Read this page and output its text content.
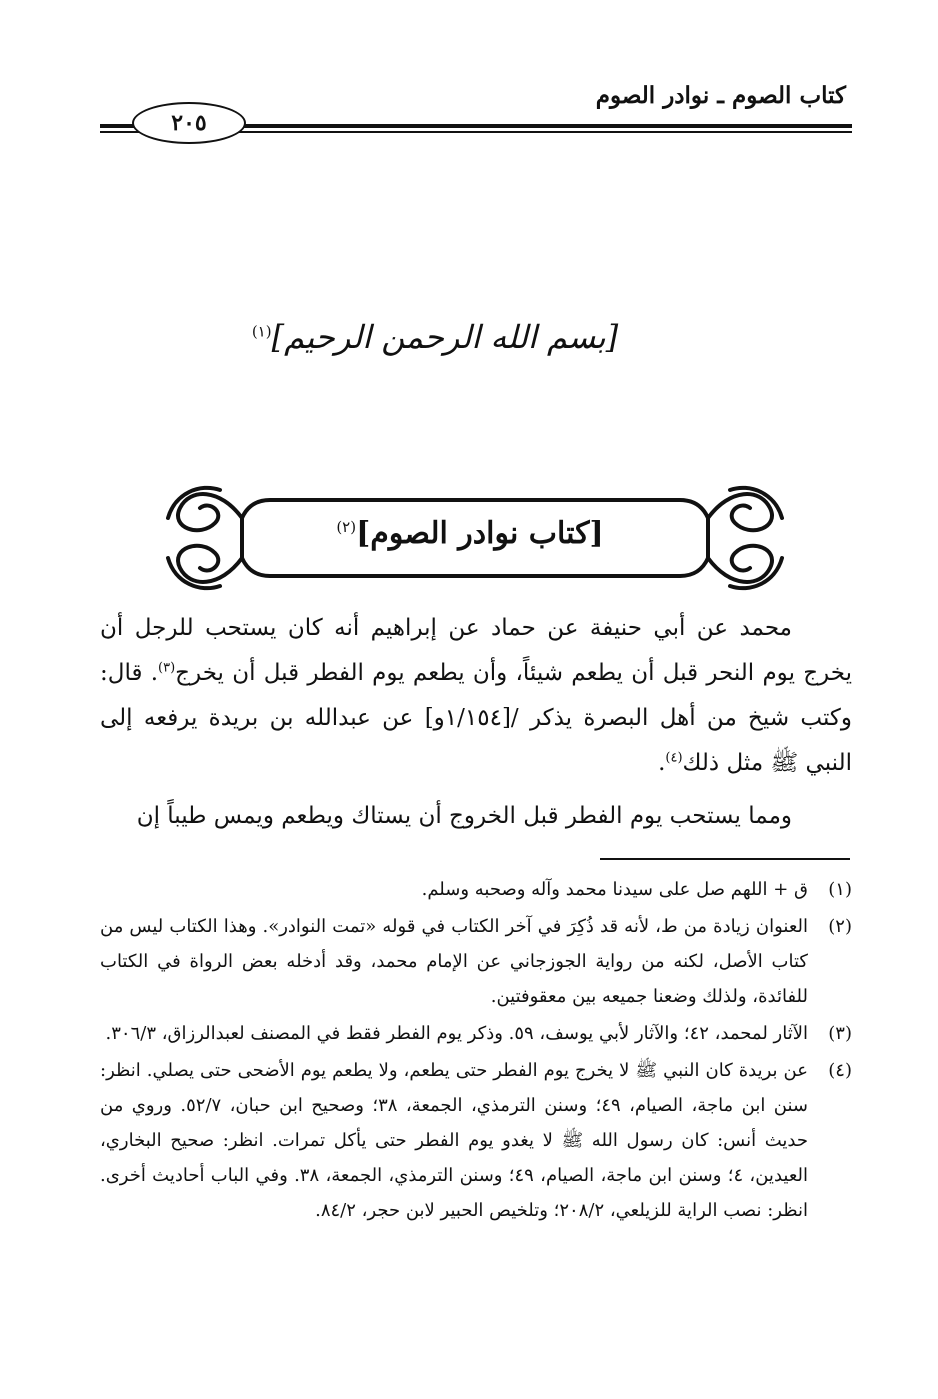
كتاب الصوم ـ نوادر الصوم
٢٠٥
[بسم الله الرحمن الرحيم]$^{(١)}$
[كتاب نوادر الصوم]$^{(٢)}$

محمد عن أبي حنيفة عن حماد عن إبراهيم أنه كان يستحب للرجل أن يخرج يوم النحر قبل أن يطعم شيئاً، وأن يطعم يوم الفطر قبل أن يخرج$^{(٣)}$. قال: وكتب شيخ من أهل البصرة يذكر /[١/١٥٤و] عن عبدالله بن بريدة يرفعه إلى النبي ﷺ مثل ذلك$^{(٤)}$.

ومما يستحب يوم الفطر قبل الخروج أن يستاك ويطعم ويمس طيباً إن

(١)
ق + اللهم صل على سيدنا محمد وآله وصحبه وسلم.
(٢)
العنوان زيادة من ط، لأنه قد ذُكِرَ في آخر الكتاب في قوله «تمت النوادر». وهذا الكتاب ليس من كتاب الأصل، لكنه من رواية الجوزجاني عن الإمام محمد، وقد أدخله بعض الرواة في الكتاب للفائدة، ولذلك وضعنا جميعه بين معقوفتين.
(٣)
الآثار لمحمد، ٤٢؛ والآثار لأبي يوسف، ٥٩. وذكر يوم الفطر فقط في المصنف لعبدالرزاق، ٣٠٦/٣.
(٤)
عن بريدة كان النبي ﷺ لا يخرج يوم الفطر حتى يطعم، ولا يطعم يوم الأضحى حتى يصلي. انظر: سنن ابن ماجة، الصيام، ٤٩؛ وسنن الترمذي، الجمعة، ٣٨؛ وصحيح ابن حبان، ٥٢/٧. وروي من حديث أنس: كان رسول الله ﷺ لا يغدو يوم الفطر حتى يأكل تمرات. انظر: صحيح البخاري، العيدين، ٤؛ وسنن ابن ماجة، الصيام، ٤٩؛ وسنن الترمذي، الجمعة، ٣٨. وفي الباب أحاديث أخرى. انظر: نصب الراية للزيلعي، ٢٠٨/٢؛ وتلخيص الحبير لابن حجر، ٨٤/٢.
